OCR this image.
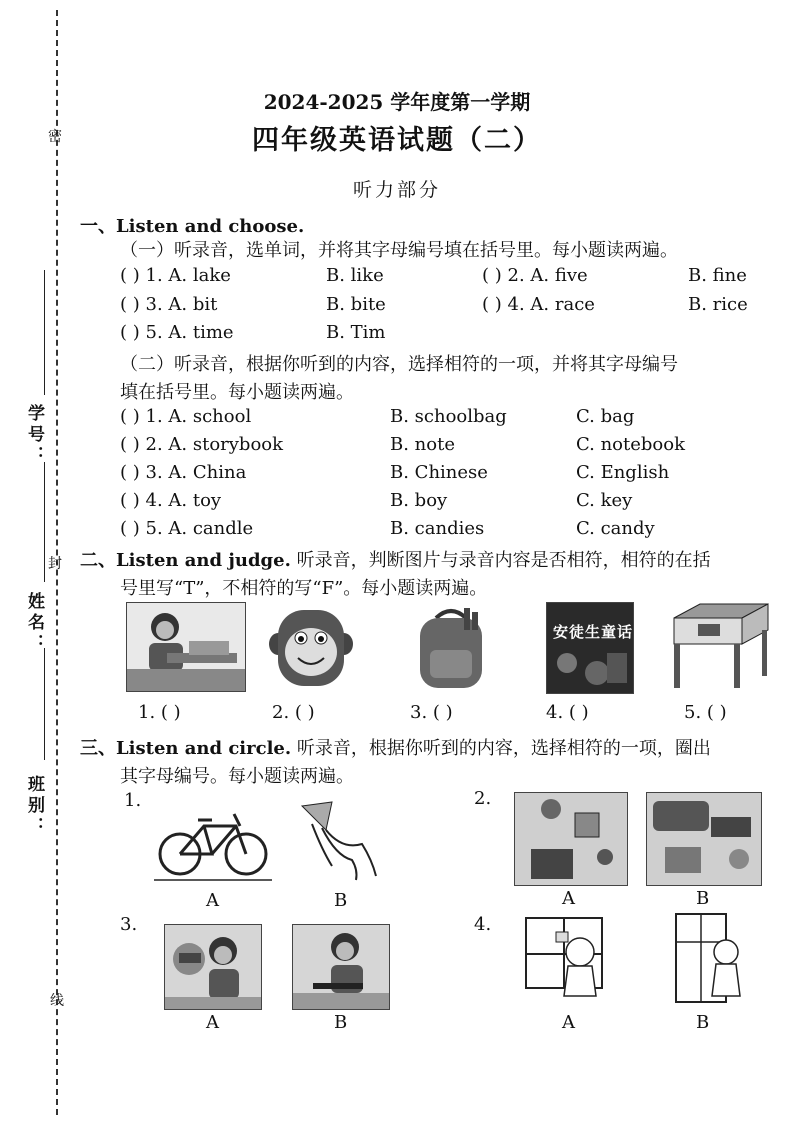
密
封
线
学号：
姓名：
班别：
2024-2025 学年度第一学期
四年级英语试题（二）
听力部分
一、Listen and choose.
（一）听录音，选单词，并将其字母编号填在括号里。每小题读两遍。
( ) 1. A. lake	B. like	( ) 2. A. five	B. fine
( ) 3. A. bit	B. bite	( ) 4. A. race	B. rice
( ) 5. A. time	B. Tim
（二）听录音，根据你听到的内容，选择相符的一项，并将其字母编号
填在括号里。每小题读两遍。
( ) 1. A. school	B. schoolbag	C. bag
( ) 2. A. storybook	B. note	C. notebook
( ) 3. A. China	B. Chinese	C. English
( ) 4. A. toy	B. boy	C. key
( ) 5. A. candle	B. candies	C. candy
二、Listen and judge. 听录音，判断图片与录音内容是否相符，相符的在括
号里写“T”，不相符的写“F”。每小题读两遍。
安徒生童话
1. ( )	2. ( )	3. ( )	4. ( )	5. ( )
三、Listen and circle. 听录音，根据你听到的内容，选择相符的一项，圈出
其字母编号。每小题读两遍。
1.
A	B
2.
A	B
3.
A	B
4.
A	B
